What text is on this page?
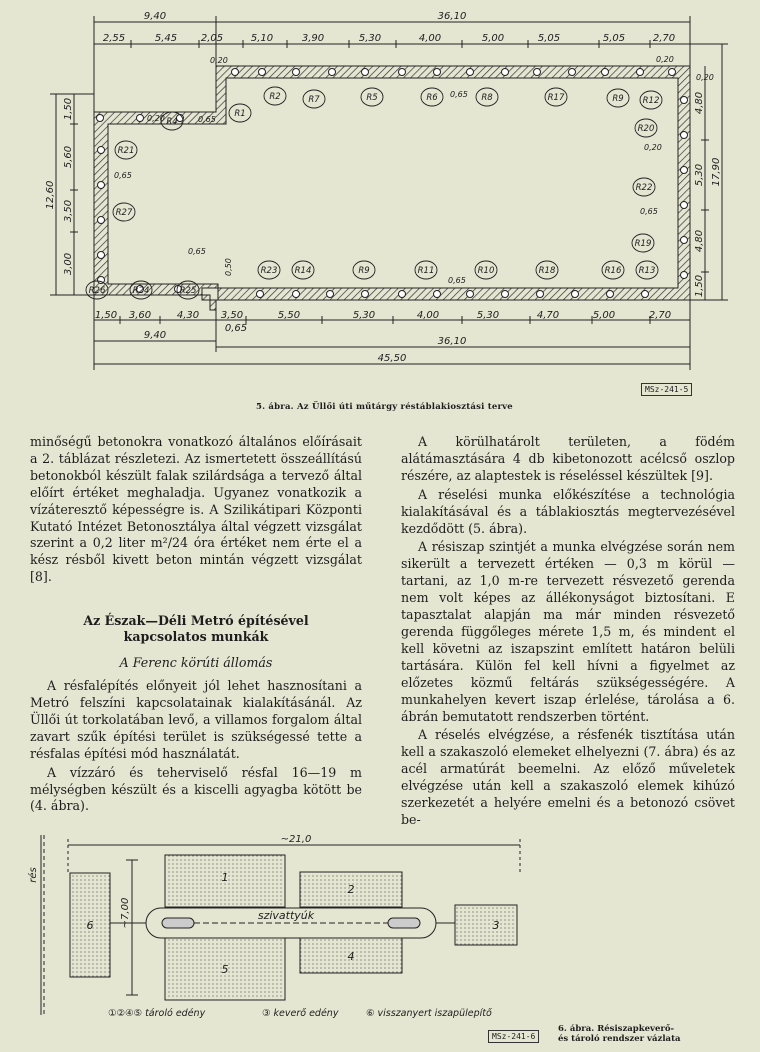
R1
R2	R7	R5	R6	R8	R17	R9 R12
R20
R4
R21
R27
R26	R24	R25
R23 R14	R9	R11	R10	R18	R16 R13
R19
R22
9,40	36,10
2,55	5,45 2,05	5,10	3,90	5,30	4,00	5,00	5,05	5,05	2,70
1,50 3,60	4,30 3,50	5,50	5,30	4,00	5,30	4,70	5,00	2,70
0,65
9,40
36,10
45,50
1,50
5,60
3,50
3,00
12,60
4,80
5,30
4,80
1,50
17,90
0,20	0,65
0,20
0,65
0,20
0,65
0,65
0,65
0,20
0,20
0,65
0,50
MSz-241-5
5. ábra. Az Üllői úti műtárgy réstáblakiosztási terve

minőségű betonokra vonatkozó általános előírásait a 2. táblázat részletezi. Az ismertetett összeállítású betonokból készült falak szilárdsága a tervező által előírt értéket meghaladja. Ugyanez vonatkozik a vízáteresztő képességre is. A Szilikátipari Központi Kutató Intézet Betonosztálya által végzett vizsgálat szerint a 0,2 liter m²/24 óra értéket nem érte el a kész résből kivett beton mintán végzett vizsgálat [8].

Az Észak—Déli Metró építésével kapcsolatos munkák

A Ferenc körúti állomás

A résfalépítés előnyeit jól lehet hasznosítani a Metró felszíni kapcsolatainak kialakításánál. Az Üllői út torkolatában levő, a villamos forgalom által zavart szűk építési terület is szükségessé tette a résfalas építési mód használatát.

A vízzáró és teherviselő résfal 16—19 m mélységben készült és a kiscelli agyagba kötött be (4. ábra).

A körülhatárolt területen, a födém alátámasztására 4 db kibetonozott acélcső oszlop részére, az alaptestek is réseléssel készültek [9].

A réselési munka előkészítése a technológia kialakításával és a táblakiosztás megtervezésével kezdődött (5. ábra).

A résiszap szintjét a munka elvégzése során nem sikerült a tervezett értéken — 0,3 m körül — tartani, az 1,0 m-re tervezett résvezető gerenda nem volt képes az állékonyságot biztosítani. E tapasztalat alapján ma már minden résvezető gerenda függőleges mérete 1,5 m, és mindent el kell követni az iszapszint említett határon belüli tartására. Külön fel kell hívni a figyelmet az előzetes közmű feltárás szükségességére. A munkahelyen kevert iszap érlelése, tárolása a 6. ábrán bemutatott rendszerben történt.

A réselés elvégzése, a résfenék tisztítása után kell a szakaszoló elemeket elhelyezni (7. ábra) és az acél armatúrát beemelni. Az előző műveletek elvégzése után kell a szakaszoló elemek kihúzó szerkezetét a helyére emelni és a betonozó csövet be-

1
2
3
4
5
6
szivattyúk
~21,0
~7,00
rés
①②④⑤ tároló edény	③ keverő edény	⑥ visszanyert iszapülepítő
MSz-241-6
6. ábra. Résiszapkeverő-
és tároló rendszer vázlata
